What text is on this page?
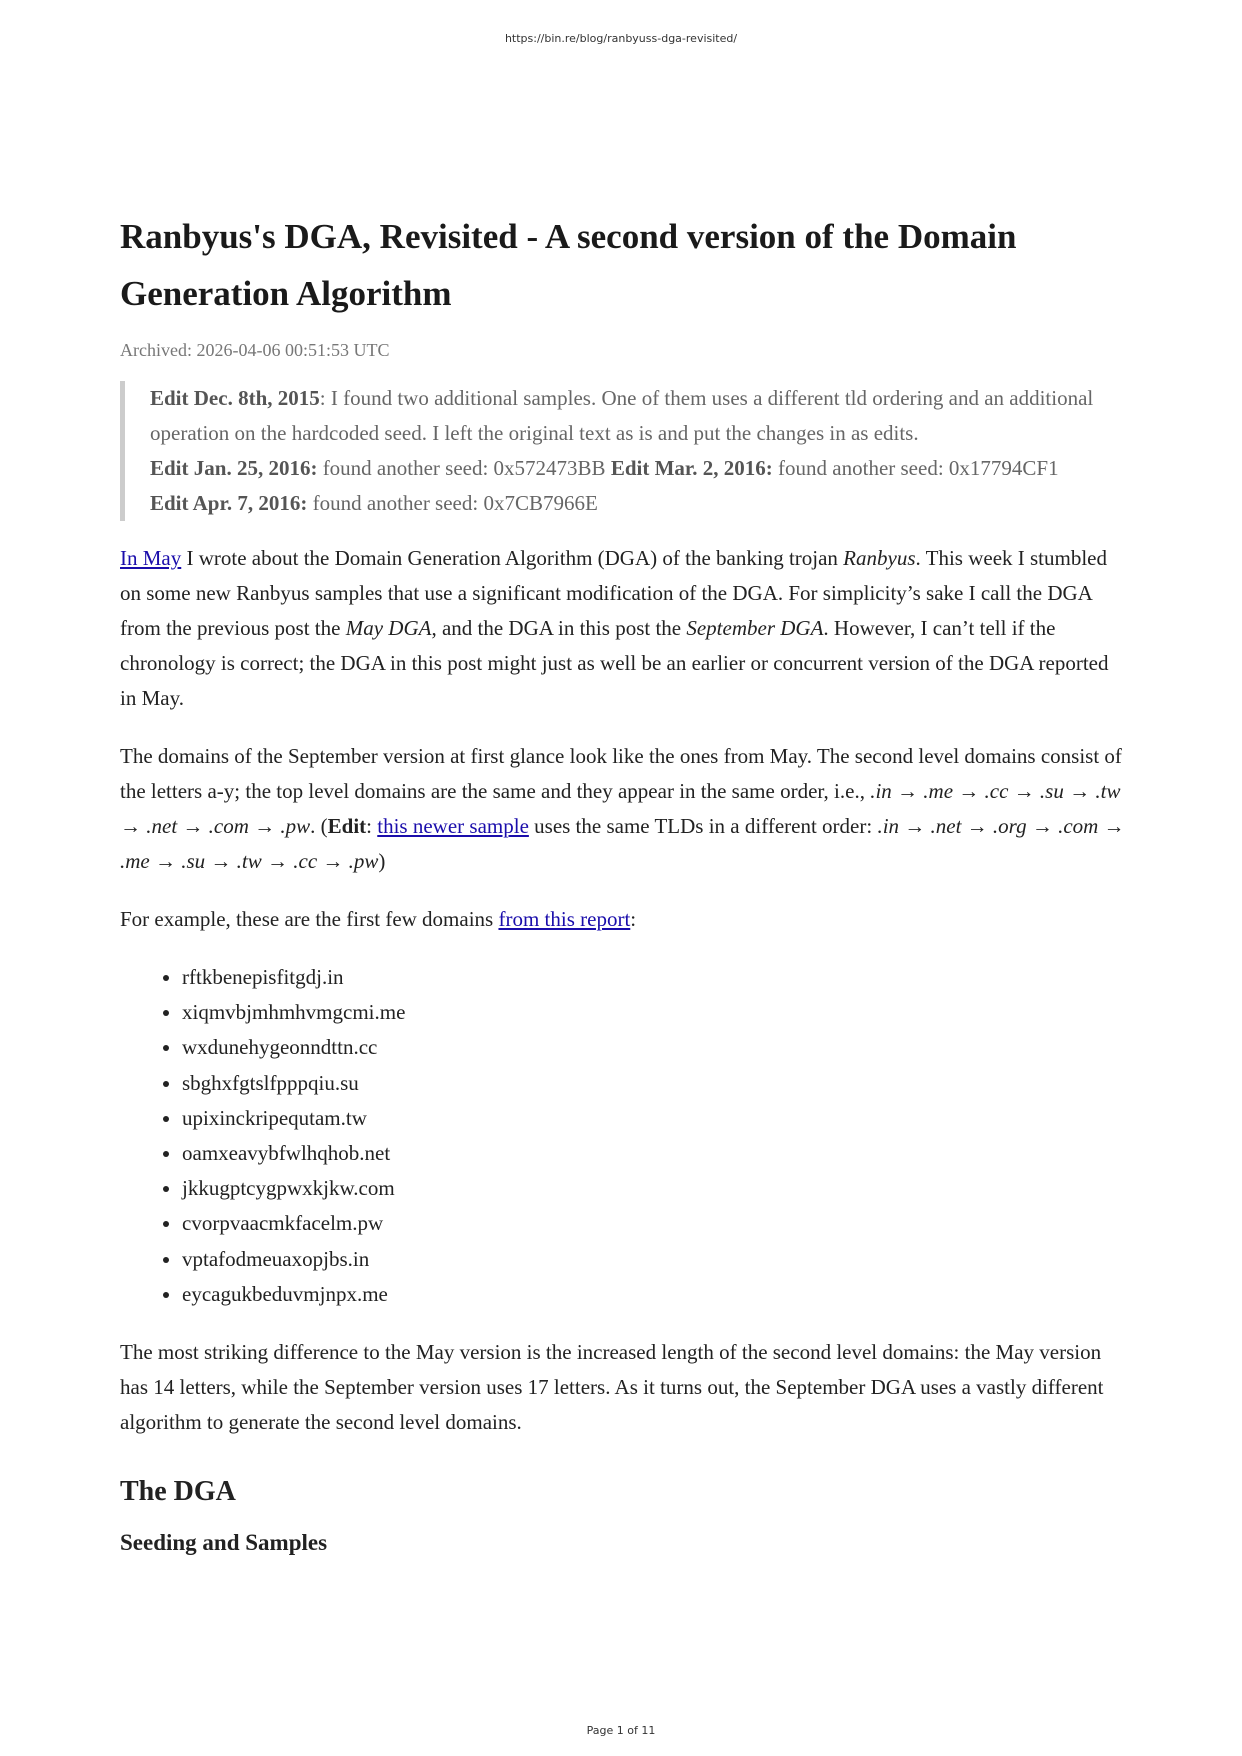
https://bin.re/blog/ranbyuss-dga-revisited/
Ranbyus's DGA, Revisited - A second version of the Domain Generation Algorithm
Archived: 2026-04-06 00:51:53 UTC
Edit Dec. 8th, 2015: I found two additional samples. One of them uses a different tld ordering and an additional operation on the hardcoded seed. I left the original text as is and put the changes in as edits.
Edit Jan. 25, 2016: found another seed: 0x572473BB Edit Mar. 2, 2016: found another seed: 0x17794CF1
Edit Apr. 7, 2016: found another seed: 0x7CB7966E

In May I wrote about the Domain Generation Algorithm (DGA) of the banking trojan Ranbyus. This week I stumbled on some new Ranbyus samples that use a significant modification of the DGA. For simplicity’s sake I call the DGA from the previous post the May DGA, and the DGA in this post the September DGA. However, I can’t tell if the chronology is correct; the DGA in this post might just as well be an earlier or concurrent version of the DGA reported in May.

The domains of the September version at first glance look like the ones from May. The second level domains consist of the letters a-y; the top level domains are the same and they appear in the same order, i.e., .in → .me → .cc → .su → .tw → .net → .com → .pw. (Edit: this newer sample uses the same TLDs in a different order: .in → .net → .org → .com → .me → .su → .tw → .cc → .pw)

For example, these are the first few domains from this report:

• rftkbenepisfitgdj.in
• xiqmvbjmhmhvmgcmi.me
• wxdunehygeonndttn.cc
• sbghxfgtslfpppqiu.su
• upixinckripequtam.tw
• oamxeavybfwlhqhob.net
• jkkugptcygpwxkjkw.com
• cvorpvaacmkfacelm.pw
• vptafodmeuaxopjbs.in
• eycagukbeduvmjnpx.me

The most striking difference to the May version is the increased length of the second level domains: the May version has 14 letters, while the September version uses 17 letters. As it turns out, the September DGA uses a vastly different algorithm to generate the second level domains.

The DGA
Seeding and Samples
Page 1 of 11
